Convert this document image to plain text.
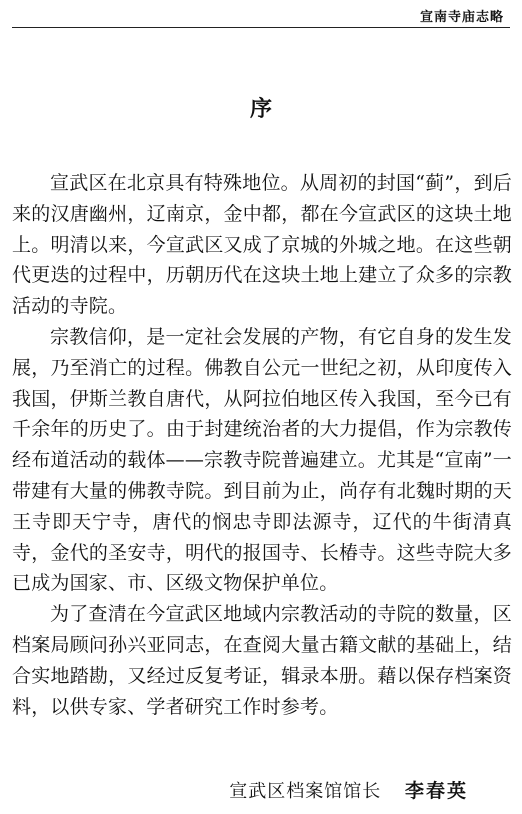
宣南寺庙志略
序

宣武区在北京具有特殊地位。从周初的封国“蓟”，到后来的汉唐幽州，辽南京，金中都，都在今宣武区的这块土地上。明清以来，今宣武区又成了京城的外城之地。在这些朝代更迭的过程中，历朝历代在这块土地上建立了众多的宗教活动的寺院。

宗教信仰，是一定社会发展的产物，有它自身的发生发展，乃至消亡的过程。佛教自公元一世纪之初，从印度传入我国，伊斯兰教自唐代，从阿拉伯地区传入我国，至今已有千余年的历史了。由于封建统治者的大力提倡，作为宗教传经布道活动的载体——宗教寺院普遍建立。尤其是“宣南”一带建有大量的佛教寺院。到目前为止，尚存有北魏时期的天王寺即天宁寺，唐代的悯忠寺即法源寺，辽代的牛街清真寺，金代的圣安寺，明代的报国寺、长椿寺。这些寺院大多已成为国家、市、区级文物保护单位。

为了查清在今宣武区地域内宗教活动的寺院的数量，区档案局顾问孙兴亚同志，在查阅大量古籍文献的基础上，结合实地踏勘，又经过反复考证，辑录本册。藉以保存档案资料，以供专家、学者研究工作时参考。

宣武区档案馆馆长 李春英
